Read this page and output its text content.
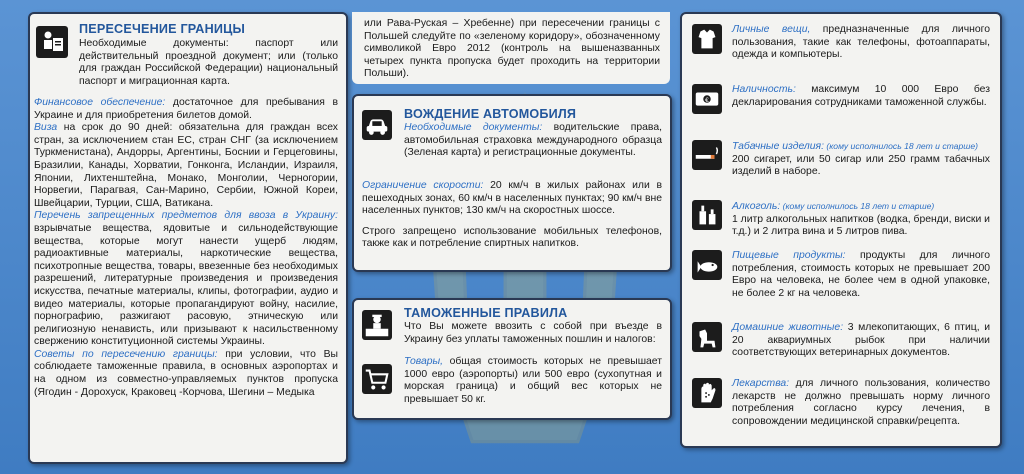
ПЕРЕСЕЧЕНИЕ ГРАНИЦЫ

Необходимые документы: паспорт или действительный проездной документ; или (только для граждан Российской Федерации) национальный паспорт и миграционная карта.

Финансовое обеспечение: достаточное для пребывания в Украине и для приобретения билетов домой.

Виза на срок до 90 дней: обязательна для граждан всех стран, за исключением стан ЕС, стран СНГ (за исключением Туркменистана), Андорры, Аргентины, Боснии и Герцеговины, Бразилии, Канады, Хорватии, Гонконга, Исландии, Израиля, Японии, Лихтенштейна, Монако, Монголии, Черногории, Норвегии, Парагвая, Сан-Марино, Сербии, Южной Кореи, Швейцарии, Турции, США, Ватикана.

Перечень запрещенных предметов для ввоза в Украину: взрывчатые вещества, ядовитые и сильнодействующие вещества, которые могут нанести ущерб людям, радиоактивные материалы, наркотические вещества, психотропные вещества, товары, ввезенные без необходимых разрешений, литературные произведения и произведения искусства, печатные материалы, клипы, фотографии, аудио и видео материалы, которые пропагандируют войну, насилие, порнографию, разжигают расовую, этническую или религиозную ненависть, или призывают к насильственному свержению конституционной системы Украины.

Советы по пересечению границы: при условии, что Вы соблюдаете таможенные правила, в основных аэропортах и на одном из совместно-управляемых пунктов пропуска (Ягодин - Дорохуск, Краковец -Корчова, Шегини – Медыка

или Рава-Руская – Хребенне) при пересечении границы с Польшей следуйте по «зеленому коридору», обозначенному символикой Евро 2012 (контроль на вышеназванных четырех пункта пропуска будет проходить на территории Польши).

ВОЖДЕНИЕ АВТОМОБИЛЯ

Необходимые документы: водительские права, автомобильная страховка международного образца (Зеленая карта) и регистрационные документы.

Ограничение скорости: 20 км/ч в жилых районах или в пешеходных зонах, 60 км/ч в населенных пунктах; 90 км/ч вне населенных пунктов; 130 км/ч на скоростных шоссе.

Строго запрещено использование мобильных телефонов, также как и потребление спиртных напитков.

ТАМОЖЕННЫЕ ПРАВИЛА

Что Вы можете ввозить с собой при въезде в Украину без уплаты таможенных пошлин и налогов:

Товары, общая стоимость которых не превышает 1000 евро (аэропорты) или 500 евро (сухопутная и морская граница) и общий вес которых не превышает 50 кг.

Личные вещи, предназначенные для личного пользования, такие как телефоны, фотоаппараты, одежда и компьютеры.

€

Наличность: максимум 10 000 Евро без декларирования сотрудниками таможенной службы.

Табачные изделия: (кому исполнилось 18 лет и старше)

200 сигарет, или 50 сигар или 250 грамм табачных изделий в наборе.

Алкоголь: (кому исполнилось 18 лет и старше)

1 литр алкогольных напитков (водка, бренди, виски и т.д.) и 2 литра вина и 5 литров пива.

Пищевые продукты: продукты для личного потребления, стоимость которых не превышает 200 Евро на человека, не более чем в одной упаковке, не более 2 кг на человека.

Домашние животные: 3 млекопитающих, 6 птиц, и 20 аквариумных рыбок при наличии соответствующих ветеринарных документов.

Лекарства: для личного пользования, количество лекарств не должно превышать норму личного потребления согласно курсу лечения, в сопровождении медицинской справки/рецепта.
